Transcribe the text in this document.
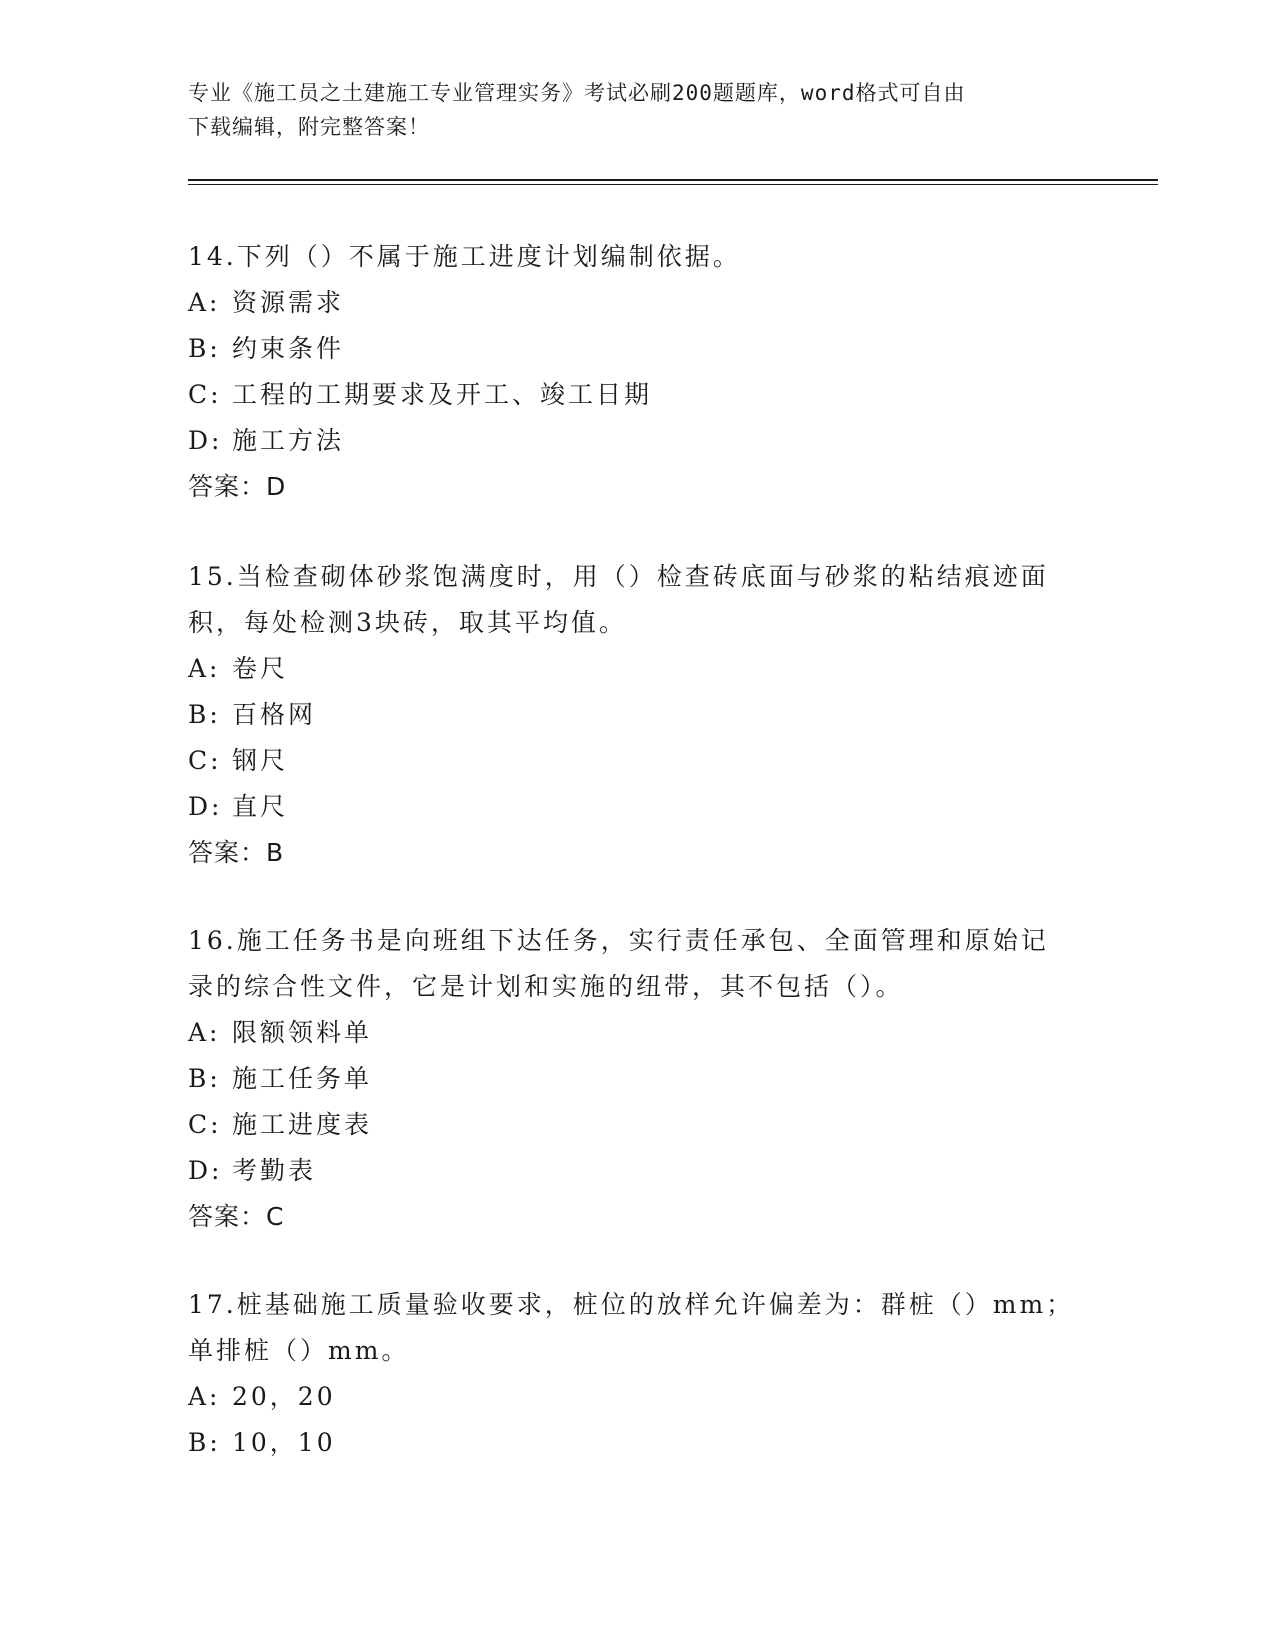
专业《施工员之土建施工专业管理实务》考试必刷200题题库，word格式可自由
下载编辑，附完整答案！
14.下列（）不属于施工进度计划编制依据。
A: 资源需求
B: 约束条件
C: 工程的工期要求及开工、竣工日期
D: 施工方法
答案：D
15.当检查砌体砂浆饱满度时，用（）检查砖底面与砂浆的粘结痕迹面
积，每处检测3块砖，取其平均值。
A: 卷尺
B: 百格网
C: 钢尺
D: 直尺
答案：B
16.施工任务书是向班组下达任务，实行责任承包、全面管理和原始记
录的综合性文件，它是计划和实施的纽带，其不包括（）。
A: 限额领料单
B: 施工任务单
C: 施工进度表
D: 考勤表
答案：C
17.桩基础施工质量验收要求，桩位的放样允许偏差为：群桩（）mm；
单排桩（）mm。
A: 20，20
B: 10，10
